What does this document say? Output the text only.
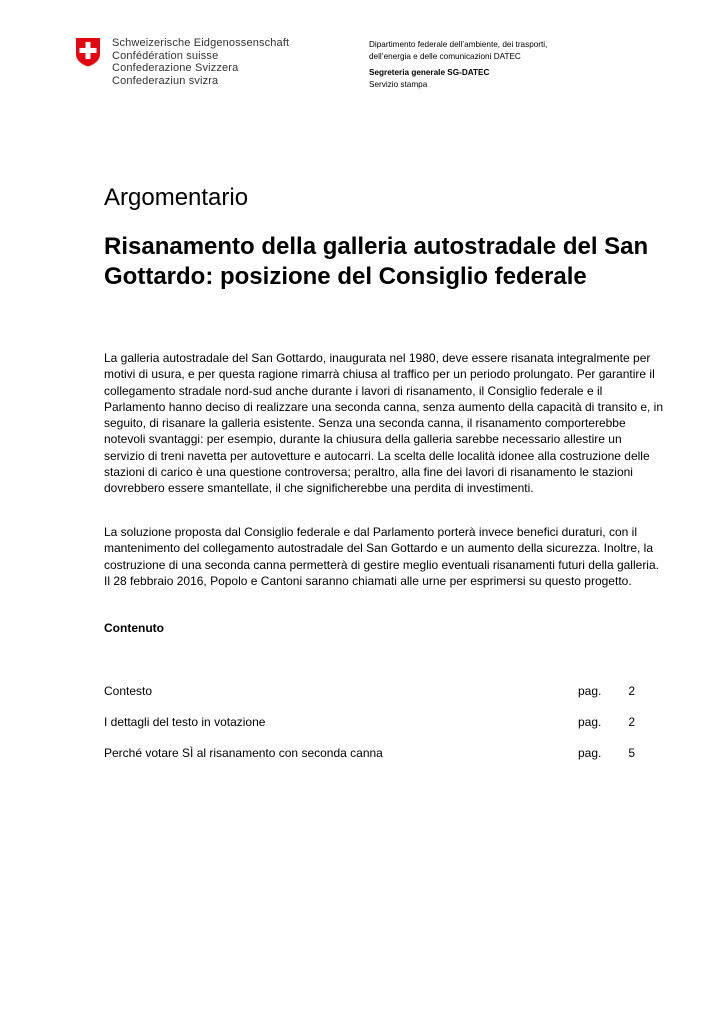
Schweizerische Eidgenossenschaft
Confédération suisse
Confederazione Svizzera
Confederaziun svizra
Dipartimento federale dell’ambiente, dei trasporti,
dell’energia e delle comunicazioni DATEC
Segreteria generale SG-DATEC
Servizio stampa
Argomentario
Risanamento della galleria autostradale del San Gottardo: posizione del Consiglio federale

La galleria autostradale del San Gottardo, inaugurata nel 1980, deve essere risanata integralmente per motivi di usura, e per questa ragione rimarrà chiusa al traffico per un periodo prolungato. Per garantire il collegamento stradale nord-sud anche durante i lavori di risanamento, il Consiglio federale e il Parlamento hanno deciso di realizzare una seconda canna, senza aumento della capacità di transito e, in seguito, di risanare la galleria esistente. Senza una seconda canna, il risanamento comporterebbe notevoli svantaggi: per esempio, durante la chiusura della galleria sarebbe necessario allestire un servizio di treni navetta per autovetture e autocarri. La scelta delle località idonee alla costruzione delle stazioni di carico è una questione controversa; peraltro, alla fine dei lavori di risanamento le stazioni dovrebbero essere smantellate, il che significherebbe una perdita di investimenti.

La soluzione proposta dal Consiglio federale e dal Parlamento porterà invece benefici duraturi, con il mantenimento del collegamento autostradale del San Gottardo e un aumento della sicurezza. Inoltre, la costruzione di una seconda canna permetterà di gestire meglio eventuali risanamenti futuri della galleria. Il 28 febbraio 2016, Popolo e Cantoni saranno chiamati alle urne per esprimersi su questo progetto.

Contenuto
Contesto	pag. 2
I dettagli del testo in votazione	pag. 2
Perché votare SÌ al risanamento con seconda canna	pag. 5
